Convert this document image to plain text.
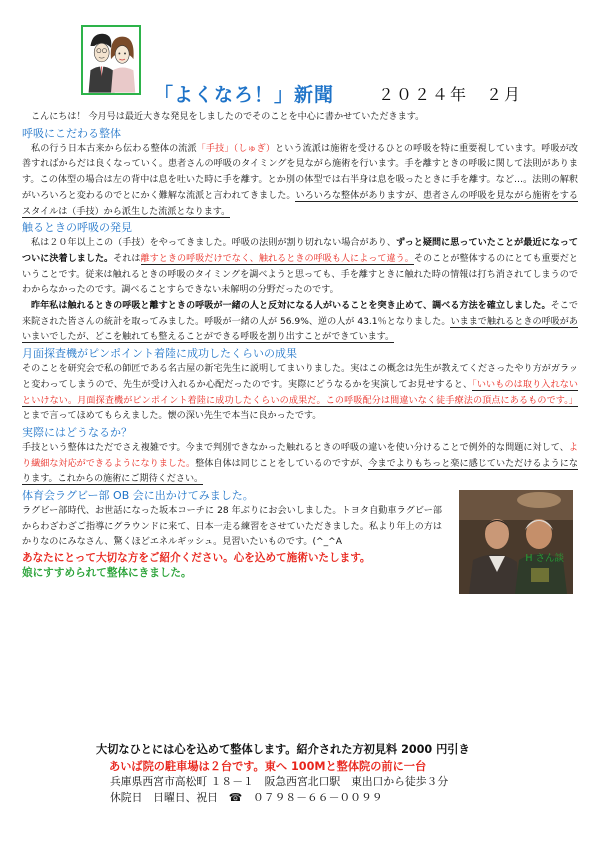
「よくなろ！」新聞	２０２４年　２月

こんにちは！ 今月号は最近大きな発見をしましたのでそのことを中心に書かせていただきます。

呼吸にこだわる整体

私の行う日本古来から伝わる整体の流派「手技」（しゅぎ）という流派は施術を受けるひとの呼吸を特に重要視しています。呼吸が改善すればからだは良くなっていく。患者さんの呼吸のタイミングを見ながら施術を行います。手を離すときの呼吸に関して法則があります。この体型の場合は左の背中は息を吐いた時に手を離す。とか別の体型では右半身は息を吸ったときに手を離す。など…。法則の解釈がいろいろと変わるのでとにかく難解な流派と言われてきました。いろいろな整体がありますが、患者さんの呼吸を見ながら施術をするスタイルは（手技）から派生した流派となります。

触るときの呼吸の発見

私は２０年以上この（手技）をやってきました。呼吸の法則が割り切れない場合があり、ずっと疑問に思っていたことが最近になってついに決着しました。それは離すときの呼吸だけでなく、触れるときの呼吸も人によって違う。そのことが整体するのにとても重要だということです。従来は触れるときの呼吸のタイミングを調べようと思っても、手を離すときに触れた時の情報は打ち消されてしまうのでわからなかったのです。調べることすらできない未解明の分野だったのです。

昨年私は触れるときの呼吸と離すときの呼吸が一緒の人と反対になる人がいることを突き止めて、調べる方法を確立しました。そこで来院された皆さんの統計を取ってみました。呼吸が一緒の人が 56.9%、逆の人が 43.1％となりました。いままで触れるときの呼吸があいまいでしたが、どこを触れても整えることができる呼吸を割り出すことができています。

月面探査機がピンポイント着陸に成功したくらいの成果

そのことを研究会で私の師匠である名古屋の新宅先生に説明してまいりました。実はこの概念は先生が教えてくださったやり方がガラッと変わってしまうので、先生が受け入れるか心配だったのです。実際にどうなるかを実演してお見せすると、「いいものは取り入れないといけない。月面探査機がピンポイント着陸に成功したくらいの成果だ。この呼吸配分は間違いなく徒手療法の頂点にあるものです。」とまで言ってほめてもらえました。懐の深い先生で本当に良かったです。

実際にはどうなるか？

手技という整体はただでさえ複雑です。今まで判別できなかった触れるときの呼吸の違いを使い分けることで例外的な問題に対して、より繊細な対応ができるようになりました。整体自体は同じことをしているのですが、今までよりもちっと楽に感じていただけるようになります。これからの施術にご期待ください。

体育会ラグビー部 OB 会に出かけてみました。

ラグビー部時代、お世話になった坂本コーチに 28 年ぶりにお会いしました。トヨタ自動車ラグビー部からわざわざご指導にグラウンドに来て、日本一走る練習をさせていただきました。私より年上の方はかりなのにみなさん、驚くほどエネルギッシュ。見習いたいものです。(^_^A

あなたにとって大切な方をご紹介ください。心を込めて施術いたします。
娘にすすめられて整体にきました。
H さん談
大切なひとには心を込めて整体します。紹介された方初見料 2000 円引き
あいば院の駐車場は２台です。東へ 100Mと整体院の前に一台
兵庫県西宮市高松町 １８－１　阪急西宮北口駅　東出口から徒歩３分
休院日　日曜日、祝日　☎　０７９８－６６－００９９
